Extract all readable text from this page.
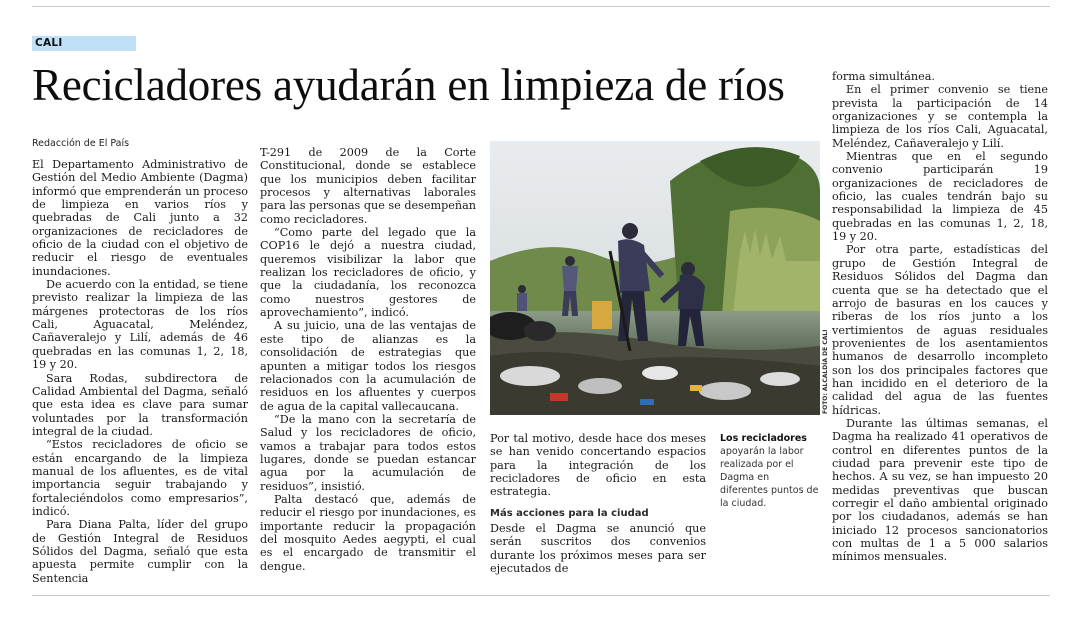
CALI
Recicladores ayudarán en limpieza de ríos

Redacción de El País

El Departamento Administrativo de Gestión del Medio Ambiente (Dagma) informó que emprenderán un proceso de limpieza en varios ríos y quebradas de Cali junto a 32 organizaciones de recicladores de oficio de la ciudad con el objetivo de reducir el riesgo de eventuales inundaciones.

De acuerdo con la entidad, se tiene previsto realizar la limpieza de las márgenes protectoras de los ríos Cali, Aguacatal, Meléndez, Cañaveralejo y Lilí, además de 46 quebradas en las comunas 1, 2, 18, 19 y 20.

Sara Rodas, subdirectora de Calidad Ambiental del Dagma, señaló que esta idea es clave para sumar voluntades por la transformación integral de la ciudad.

“Estos recicladores de oficio se están encargando de la limpieza manual de los afluentes, es de vital importancia seguir trabajando y fortaleciéndolos como empresarios”, indicó.

Para Diana Palta, líder del grupo de Gestión Integral de Residuos Sólidos del Dagma, señaló que esta apuesta permite cumplir con la Sentencia

T-291 de 2009 de la Corte Constitucional, donde se establece que los municipios deben facilitar procesos y alternativas laborales para las personas que se desempeñan como recicladores.

“Como parte del legado que la COP16 le dejó a nuestra ciudad, queremos visibilizar la labor que realizan los recicladores de oficio, y que la ciudadanía, los reconozca como nuestros gestores de aprovechamiento”, indicó.

A su juicio, una de las ventajas de este tipo de alianzas es la consolidación de estrategias que apunten a mitigar todos los riesgos relacionados con la acumulación de residuos en los afluentes y cuerpos de agua de la capital vallecaucana.

“De la mano con la secretaría de Salud y los recicladores de oficio, vamos a trabajar para todos estos lugares, donde se puedan estancar agua por la acumulación de residuos”, insistió.

Palta destacó que, además de reducir el riesgo por inundaciones, es importante reducir la propagación del mosquito Aedes aegypti, el cual es el encargado de transmitir el dengue.

FOTO: ALCALDÍA DE CALI

Por tal motivo, desde hace dos meses se han venido concertando espacios para la integración de los recicladores de oficio en esta estrategia.

Más acciones para la ciudad

Desde el Dagma se anunció que serán suscritos dos convenios durante los próximos meses para ser ejecutados de

Los recicladores
apoyarán la labor realizada por el Dagma en diferentes puntos de la ciudad.

forma simultánea.

En el primer convenio se tiene prevista la participación de 14 organizaciones y se contempla la limpieza de los ríos Cali, Aguacatal, Meléndez, Cañaveralejo y Lilí.

Mientras que en el segundo convenio participarán 19 organizaciones de recicladores de oficio, las cuales tendrán bajo su responsabilidad la limpieza de 45 quebradas en las comunas 1, 2, 18, 19 y 20.

Por otra parte, estadísticas del grupo de Gestión Integral de Residuos Sólidos del Dagma dan cuenta que se ha detectado que el arrojo de basuras en los cauces y riberas de los ríos junto a los vertimientos de aguas residuales provenientes de los asentamientos humanos de desarrollo incompleto son los dos principales factores que han incidido en el deterioro de la calidad del agua de las fuentes hídricas.

Durante las últimas semanas, el Dagma ha realizado 41 operativos de control en diferentes puntos de la ciudad para prevenir este tipo de hechos. A su vez, se han impuesto 20 medidas preventivas que buscan corregir el daño ambiental originado por los ciudadanos, además se han iniciado 12 procesos sancionatorios con multas de 1 a 5 000 salarios mínimos mensuales.
